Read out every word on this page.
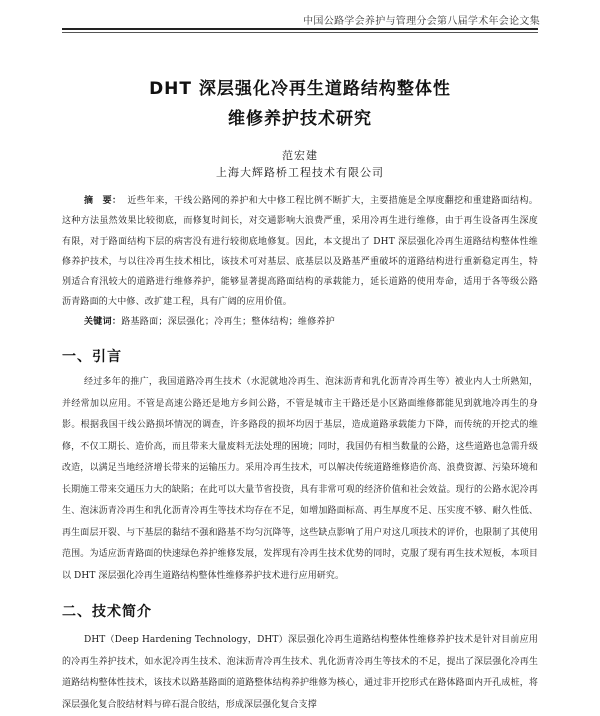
中国公路学会养护与管理分会第八届学术年会论文集
DHT 深层强化冷再生道路结构整体性
维修养护技术研究
范宏建
上海大辉路桥工程技术有限公司
摘　要： 近些年来，干线公路网的养护和大中修工程比例不断扩大，主要措施是全厚度翻挖和重建路面结构。这种方法虽然效果比较彻底，而修复时间长，对交通影响大浪费严重，采用冷再生进行维修，由于再生设备再生深度有限，对于路面结构下层的病害没有进行较彻底地修复。因此，本文提出了 DHT 深层强化冷再生道路结构整体性维修养护技术，与以往冷再生技术相比，该技术可对基层、底基层以及路基严重破坏的道路结构进行重新稳定再生，特别适合育汛较大的道路进行维修养护，能够显著提高路面结构的承载能力，延长道路的使用寿命，适用于各等级公路沥青路面的大中修、改扩建工程，具有广阔的应用价值。
关键词：路基路面；深层强化；冷再生；整体结构；维修养护
一、引言
经过多年的推广，我国道路冷再生技术（水泥就地冷再生、泡沫沥青和乳化沥青冷再生等）被业内人士所熟知，并经常加以应用。不管是高速公路还是地方乡间公路，不管是城市主干路还是小区路面维修都能见到就地冷再生的身影。根据我国干线公路损坏情况的调查，许多路段的损坏均因于基层，造成道路承载能力下降，而传统的开挖式的维修，不仅工期长、造价高，而且带来大量废料无法处理的困境；同时，我国仍有相当数量的公路，这些道路也急需升级改造，以满足当地经济增长带来的运输压力。采用冷再生技术，可以解决传统道路维修造价高、浪费资源、污染环境和长期施工带来交通压力大的缺陷；在此可以大量节省投资，具有非常可观的经济价值和社会效益。现行的公路水泥冷再生、泡沫沥青冷再生和乳化沥青冷再生等技术均存在不足，如增加路面标高、再生厚度不足、压实度不够、耐久性低、再生面层开裂、与下基层的黏结不强和路基不均匀沉降等，这些缺点影响了用户对这几项技术的评价，也限制了其使用范围。为适应沥青路面的快速绿色养护维修发展，发挥现有冷再生技术优势的同时，克服了现有再生技术短板，本项目以 DHT 深层强化冷再生道路结构整体性维修养护技术进行应用研究。
二、技术简介
DHT（Deep Hardening Technology，DHT）深层强化冷再生道路结构整体性维修养护技术是针对目前应用的冷再生养护技术，如水泥冷再生技术、泡沫沥青冷再生技术、乳化沥青冷再生等技术的不足，提出了深层强化冷再生道路结构整体性技术，该技术以路基路面的道路整体结构养护维修为核心，通过非开挖形式在路体路面内开孔成桩，将深层强化复合胶结材料与碎石混合胶结，形成深层强化复合支撑
